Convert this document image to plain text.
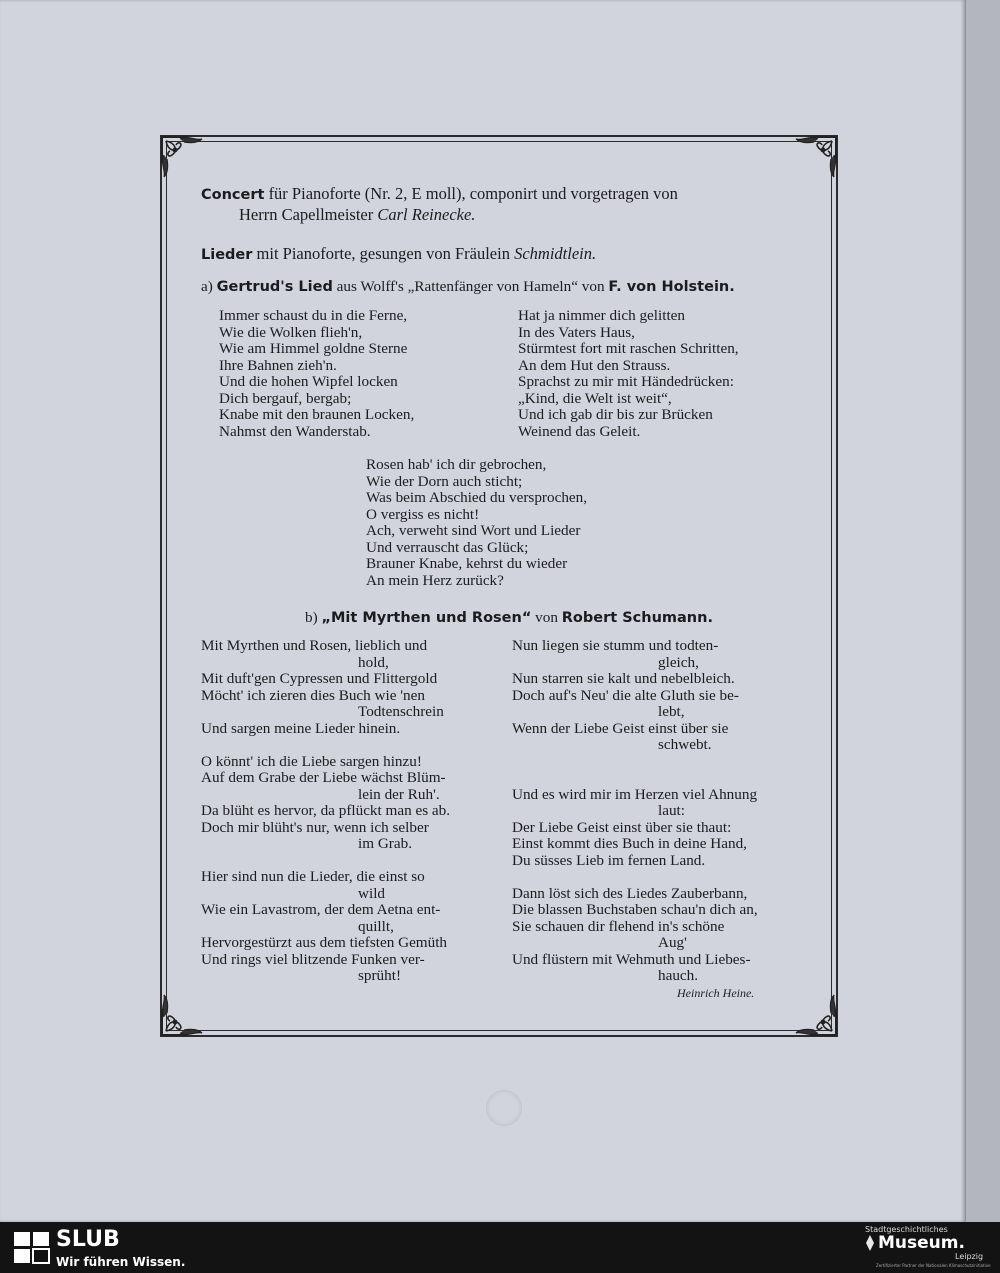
Concert für Pianoforte (Nr. 2, E moll), componirt und vorgetragen von
Herrn Capellmeister Carl Reinecke.
Lieder mit Pianoforte, gesungen von Fräulein Schmidtlein.
a) Gertrud's Lied aus Wolff's „Rattenfänger von Hameln“ von F. von Holstein.
Immer schaust du in die Ferne,
Wie die Wolken flieh'n,
Wie am Himmel goldne Sterne
Ihre Bahnen zieh'n.
Und die hohen Wipfel locken
Dich bergauf, bergab;
Knabe mit den braunen Locken,
Nahmst den Wanderstab.
Hat ja nimmer dich gelitten
In des Vaters Haus,
Stürmtest fort mit raschen Schritten,
An dem Hut den Strauss.
Sprachst zu mir mit Händedrücken:
„Kind, die Welt ist weit“,
Und ich gab dir bis zur Brücken
Weinend das Geleit.
Rosen hab' ich dir gebrochen,
Wie der Dorn auch sticht;
Was beim Abschied du versprochen,
O vergiss es nicht!
Ach, verweht sind Wort und Lieder
Und verrauscht das Glück;
Brauner Knabe, kehrst du wieder
An mein Herz zurück?
b) „Mit Myrthen und Rosen“ von Robert Schumann.
Mit Myrthen und Rosen, lieblich und
hold,
Mit duft'gen Cypressen und Flittergold
Möcht' ich zieren dies Buch wie 'nen
Todtenschrein
Und sargen meine Lieder hinein.
O könnt' ich die Liebe sargen hinzu!
Auf dem Grabe der Liebe wächst Blüm-
lein der Ruh'.
Da blüht es hervor, da pflückt man es ab.
Doch mir blüht's nur, wenn ich selber
im Grab.
Hier sind nun die Lieder, die einst so
wild
Wie ein Lavastrom, der dem Aetna ent-
quillt,
Hervorgestürzt aus dem tiefsten Gemüth
Und rings viel blitzende Funken ver-
sprüht!
Nun liegen sie stumm und todten-
gleich,
Nun starren sie kalt und nebelbleich.
Doch auf's Neu' die alte Gluth sie be-
lebt,
Wenn der Liebe Geist einst über sie
schwebt.
Und es wird mir im Herzen viel Ahnung
laut:
Der Liebe Geist einst über sie thaut:
Einst kommt dies Buch in deine Hand,
Du süsses Lieb im fernen Land.
Dann löst sich des Liedes Zauberbann,
Die blassen Buchstaben schau'n dich an,
Sie schauen dir flehend in's schöne
Aug'
Und flüstern mit Wehmuth und Liebes-
hauch.
Heinrich Heine.
SLUB
Wir führen Wissen.
Stadtgeschichtliches
Museum.
Leipzig
Zertifizierter Partner der Nationalen Klimaschutzinitiative
